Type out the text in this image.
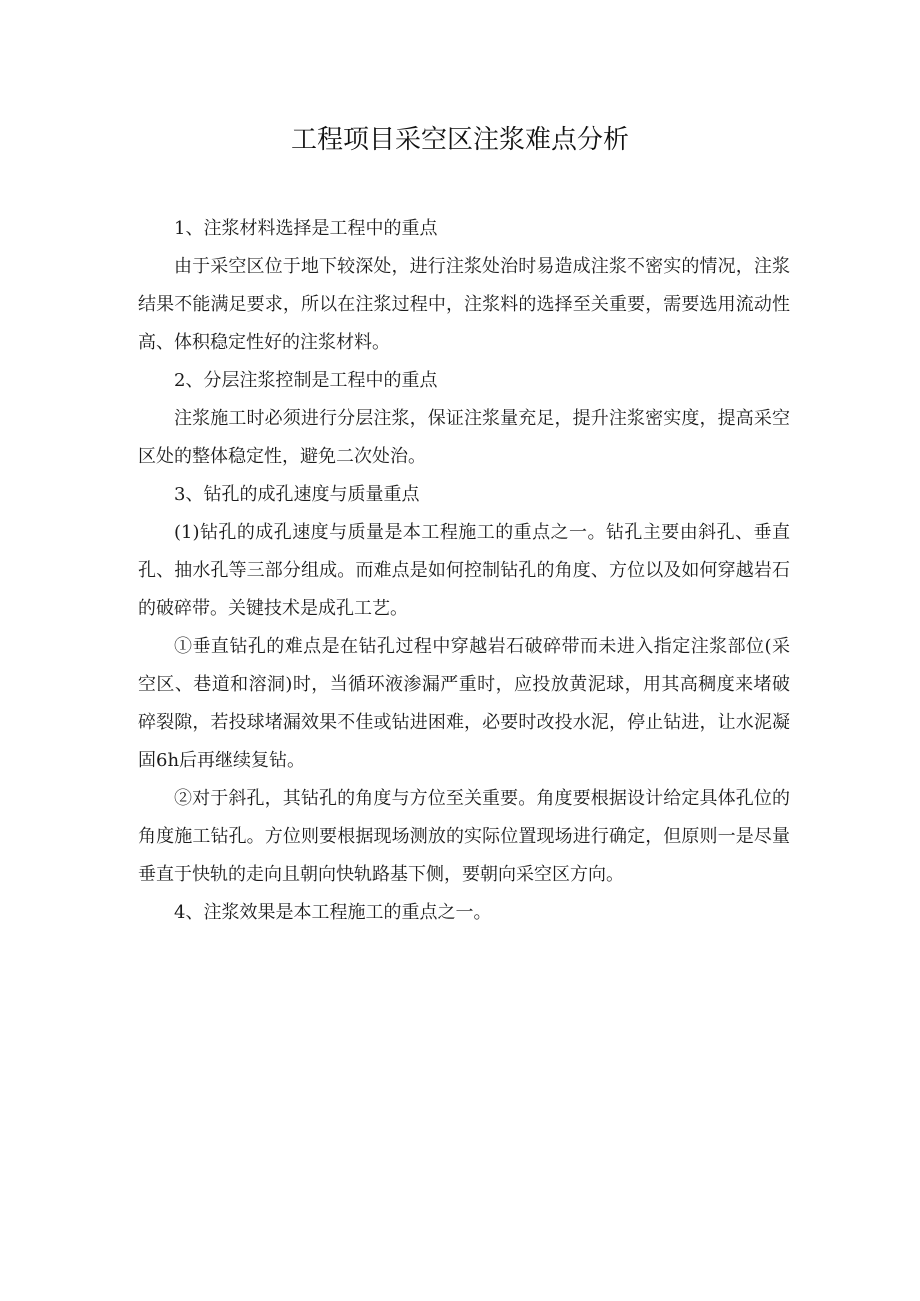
工程项目采空区注浆难点分析

1、注浆材料选择是工程中的重点

由于采空区位于地下较深处，进行注浆处治时易造成注浆不密实的情况，注浆结果不能满足要求，所以在注浆过程中，注浆料的选择至关重要，需要选用流动性高、体积稳定性好的注浆材料。

2、分层注浆控制是工程中的重点

注浆施工时必须进行分层注浆，保证注浆量充足，提升注浆密实度，提高采空区处的整体稳定性，避免二次处治。

3、钻孔的成孔速度与质量重点

(1)钻孔的成孔速度与质量是本工程施工的重点之一。钻孔主要由斜孔、垂直孔、抽水孔等三部分组成。而难点是如何控制钻孔的角度、方位以及如何穿越岩石的破碎带。关键技术是成孔工艺。

①垂直钻孔的难点是在钻孔过程中穿越岩石破碎带而未进入指定注浆部位(采空区、巷道和溶洞)时，当循环液渗漏严重时，应投放黄泥球，用其高稠度来堵破碎裂隙，若投球堵漏效果不佳或钻进困难，必要时改投水泥，停止钻进，让水泥凝固6h后再继续复钻。

②对于斜孔，其钻孔的角度与方位至关重要。角度要根据设计给定具体孔位的角度施工钻孔。方位则要根据现场测放的实际位置现场进行确定，但原则一是尽量垂直于快轨的走向且朝向快轨路基下侧，要朝向采空区方向。

4、注浆效果是本工程施工的重点之一。
